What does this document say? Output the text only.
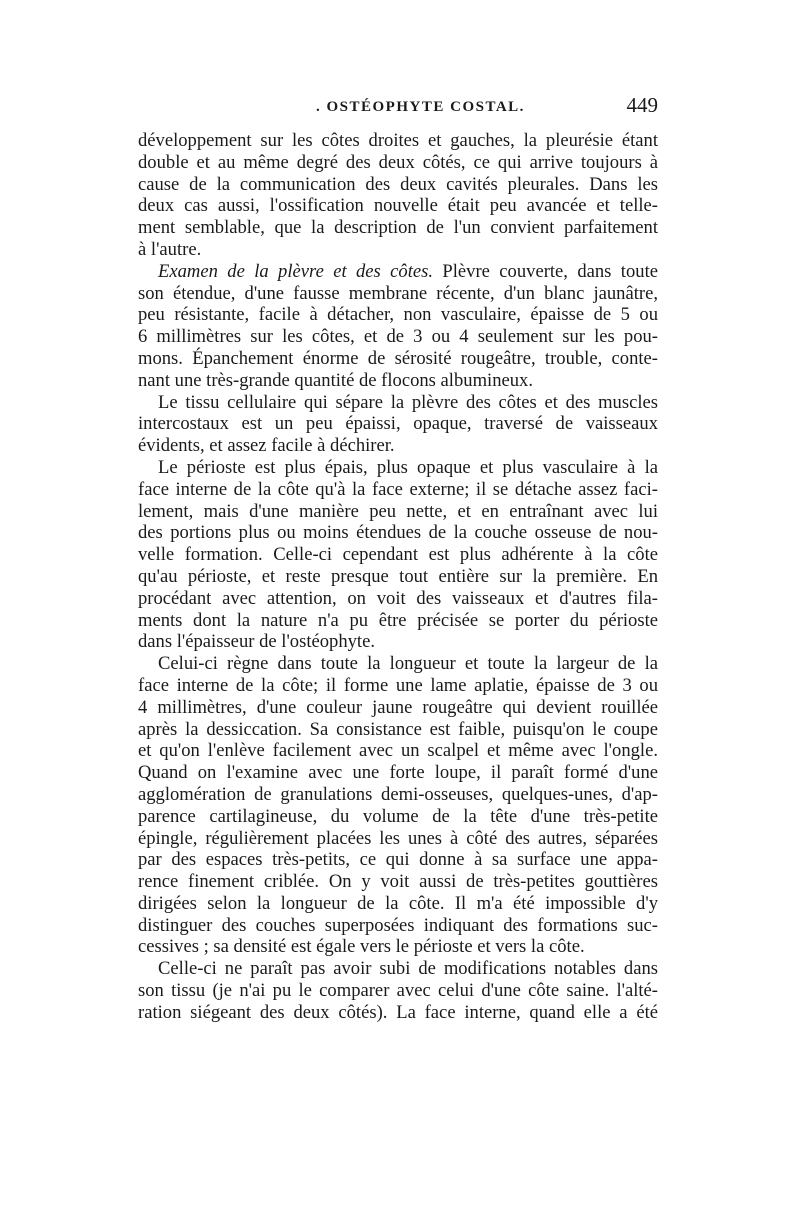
. OSTÉOPHYTE COSTAL.	449
développement sur les côtes droites et gauches, la pleurésie étant
double et au même degré des deux côtés, ce qui arrive toujours à
cause de la communication des deux cavités pleurales. Dans les
deux cas aussi, l'ossification nouvelle était peu avancée et telle-
ment semblable, que la description de l'un convient parfaitement
à l'autre.
Examen de la plèvre et des côtes. Plèvre couverte, dans toute
son étendue, d'une fausse membrane récente, d'un blanc jaunâtre,
peu résistante, facile à détacher, non vasculaire, épaisse de 5 ou
6 millimètres sur les côtes, et de 3 ou 4 seulement sur les pou-
mons. Épanchement énorme de sérosité rougeâtre, trouble, conte-
nant une très-grande quantité de flocons albumineux.
Le tissu cellulaire qui sépare la plèvre des côtes et des muscles
intercostaux est un peu épaissi, opaque, traversé de vaisseaux
évidents, et assez facile à déchirer.
Le périoste est plus épais, plus opaque et plus vasculaire à la
face interne de la côte qu'à la face externe; il se détache assez faci-
lement, mais d'une manière peu nette, et en entraînant avec lui
des portions plus ou moins étendues de la couche osseuse de nou-
velle formation. Celle-ci cependant est plus adhérente à la côte
qu'au périoste, et reste presque tout entière sur la première. En
procédant avec attention, on voit des vaisseaux et d'autres fila-
ments dont la nature n'a pu être précisée se porter du périoste
dans l'épaisseur de l'ostéophyte.
Celui-ci règne dans toute la longueur et toute la largeur de la
face interne de la côte; il forme une lame aplatie, épaisse de 3 ou
4 millimètres, d'une couleur jaune rougeâtre qui devient rouillée
après la dessiccation. Sa consistance est faible, puisqu'on le coupe
et qu'on l'enlève facilement avec un scalpel et même avec l'ongle.
Quand on l'examine avec une forte loupe, il paraît formé d'une
agglomération de granulations demi-osseuses, quelques-unes, d'ap-
parence cartilagineuse, du volume de la tête d'une très-petite
épingle, régulièrement placées les unes à côté des autres, séparées
par des espaces très-petits, ce qui donne à sa surface une appa-
rence finement criblée. On y voit aussi de très-petites gouttières
dirigées selon la longueur de la côte. Il m'a été impossible d'y
distinguer des couches superposées indiquant des formations suc-
cessives ; sa densité est égale vers le périoste et vers la côte.
Celle-ci ne paraît pas avoir subi de modifications notables dans
son tissu (je n'ai pu le comparer avec celui d'une côte saine. l'alté-
ration siégeant des deux côtés). La face interne, quand elle a été
